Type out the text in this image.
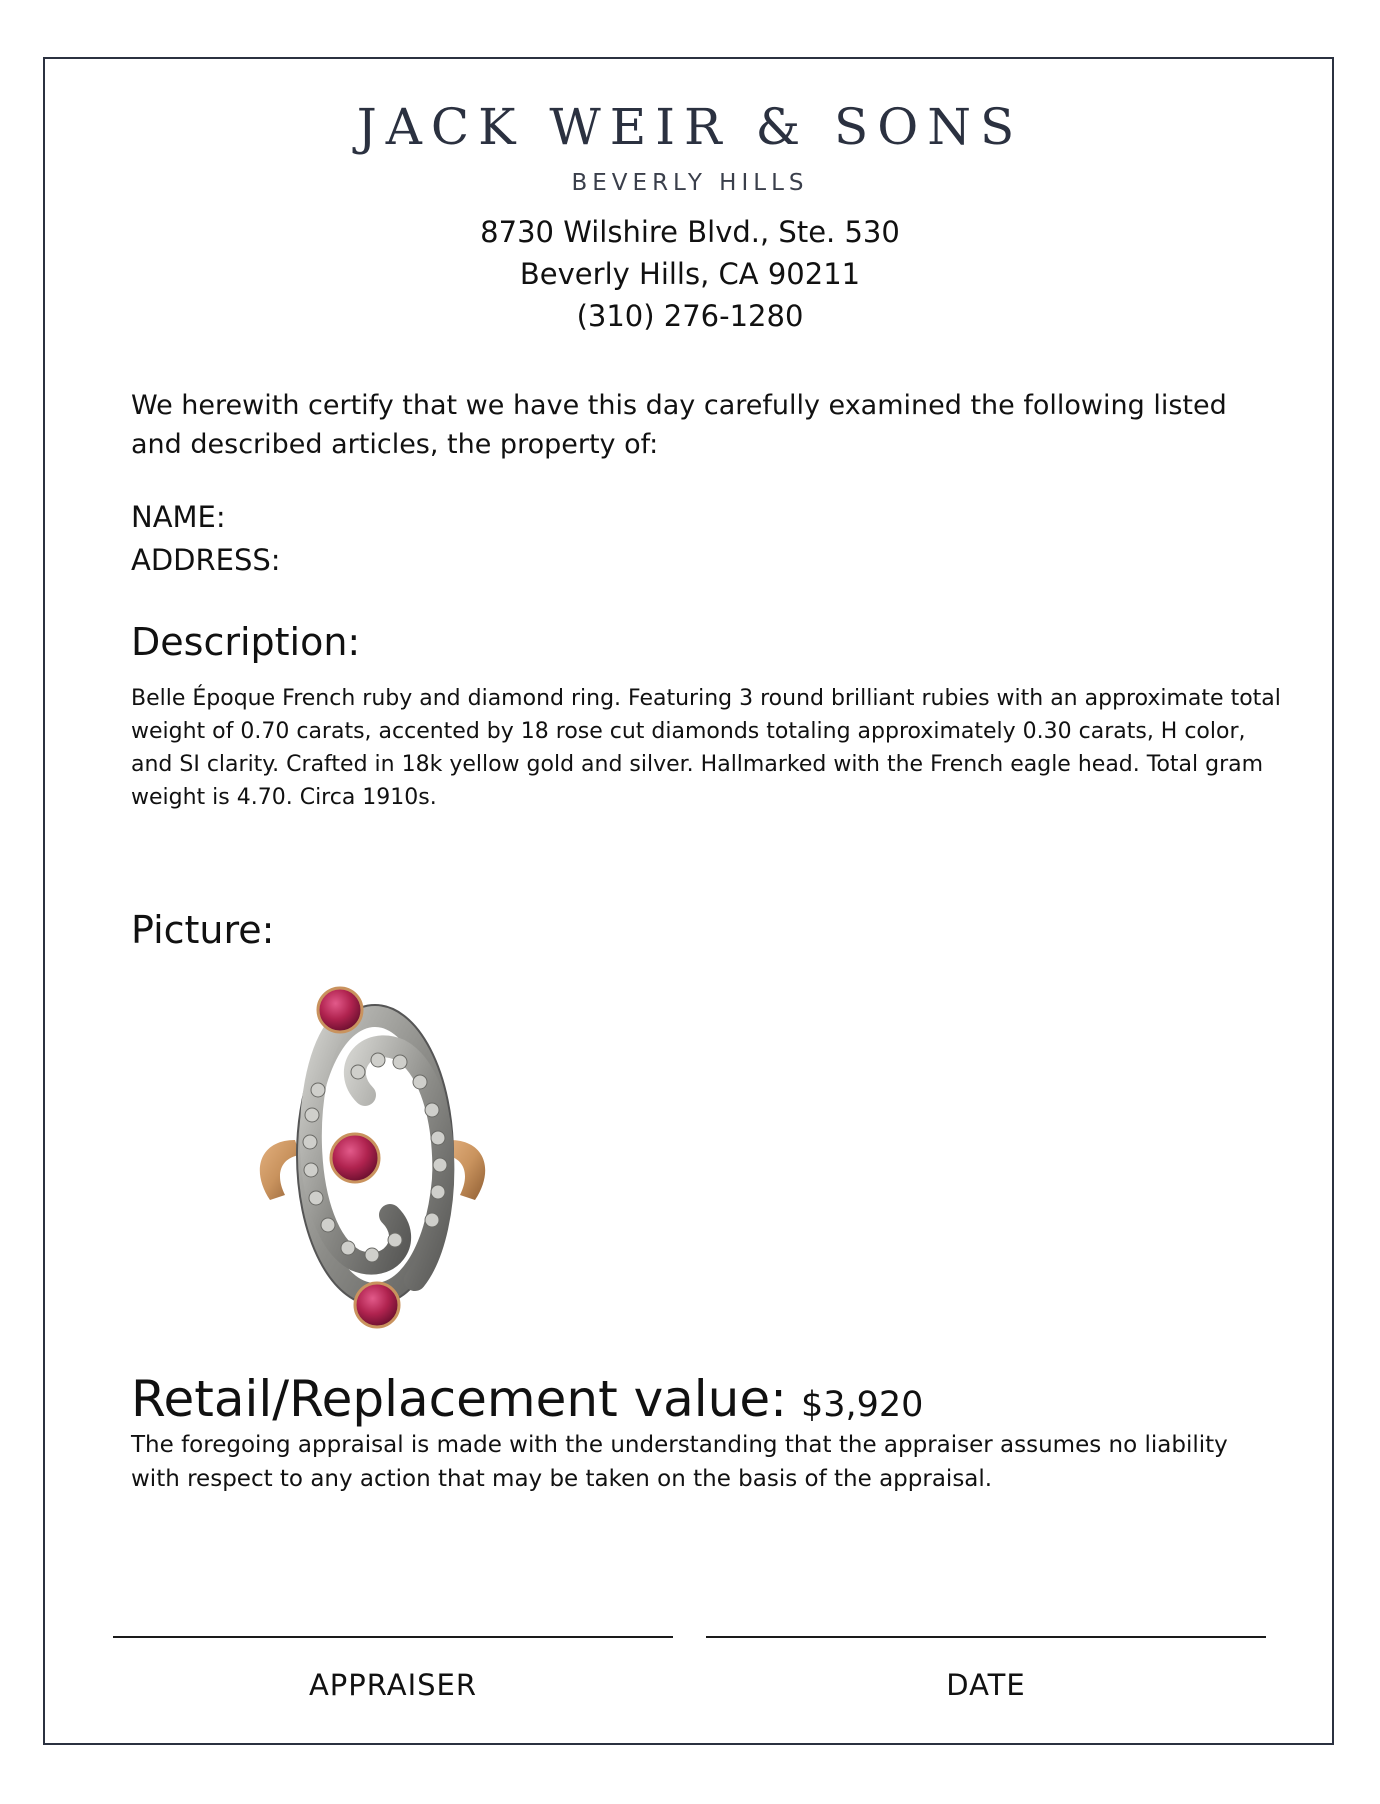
JACK WEIR & SONS
BEVERLY HILLS
8730 Wilshire Blvd., Ste. 530
Beverly Hills, CA 90211
(310) 276-1280
We herewith certify that we have this day carefully examined the following listed and described articles, the property of:
NAME:
ADDRESS:
Description:
Belle Époque French ruby and diamond ring. Featuring 3 round brilliant rubies with an approximate total weight of 0.70 carats, accented by 18 rose cut diamonds totaling approximately 0.30 carats, H color, and SI clarity. Crafted in 18k yellow gold and silver. Hallmarked with the French eagle head. Total gram weight is 4.70. Circa 1910s.
Picture:
Retail/Replacement value: $3,920
The foregoing appraisal is made with the understanding that the appraiser assumes no liability with respect to any action that may be taken on the basis of the appraisal.
APPRAISER	DATE
